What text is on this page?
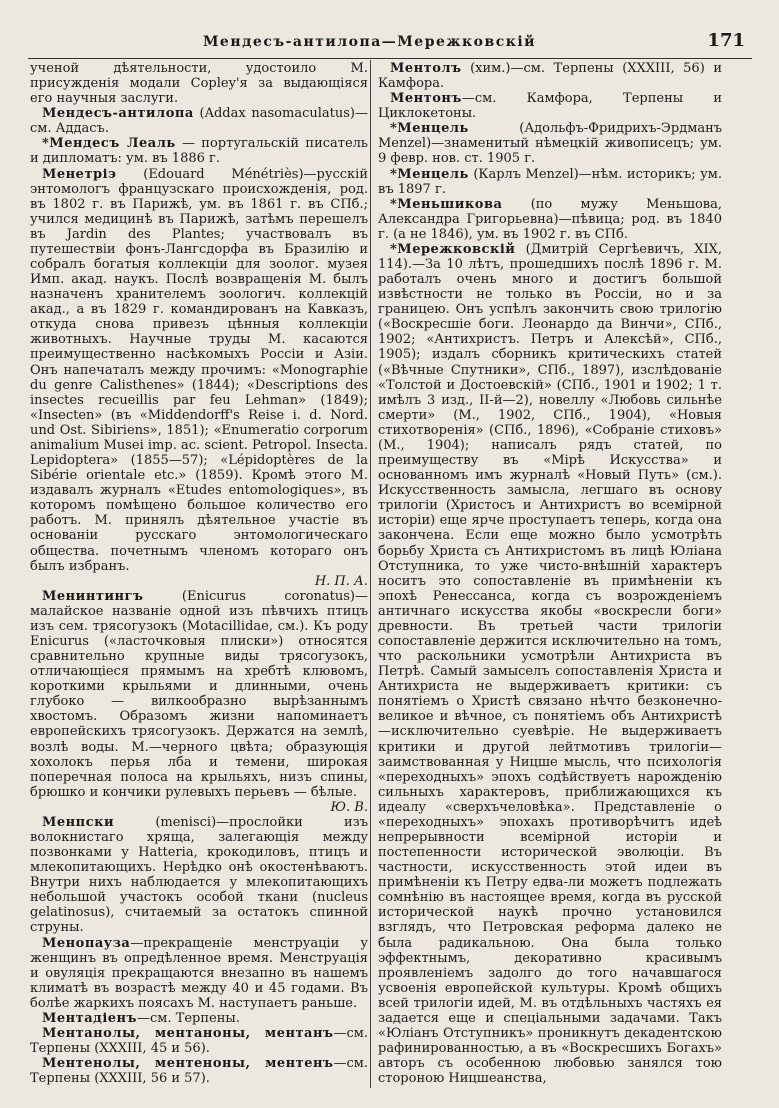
Мендесъ-антилопа—Мережковскій	171

ученой дѣятельности, удостоило М. присужденія модали Copley'я за выдающіяся его научныя заслуги.

Мендесъ-антилопа (Addax nasomaculatus)—см. Аддасъ.

*Мендесъ Леаль — португальскій писатель и дипломатъ: ум. въ 1886 г.

Менетріэ (Edouard Ménétriès)—русскій энтомологъ французскаго происхожденія, род. въ 1802 г. въ Парижѣ, ум. въ 1861 г. въ СПб.; учился медицинѣ въ Парижѣ, затѣмъ перешелъ въ Jardin des Plantes; участвовалъ въ путешествіи фонъ-Лангсдорфа въ Бразилію и собралъ богатыя коллекціи для зоолог. музея Имп. акад. наукъ. Послѣ возвращенія М. былъ назначенъ хранителемъ зоологич. коллекцій акад., а въ 1829 г. командированъ на Кавказъ, откуда снова привезъ цѣнныя коллекціи животныхъ. Научные труды М. касаются преимущественно насѣкомыхъ Россіи и Азіи. Онъ напечаталъ между прочимъ: «Monographie du genre Calisthenes» (1844); «Descriptions des insectes recueillis par feu Lehman» (1849); «Insecten» (въ «Middendorff's Reise i. d. Nord. und Ost. Sibiriens», 1851); «Enumeratio corporum animalium Musei imp. ac. scient. Petropol. Insecta. Lepidoptera» (1855—57); «Lépidoptères de la Sibérie orientale etc.» (1859). Кромѣ этого М. издавалъ журналъ «Etudes entomologiques», въ которомъ помѣщено большое количество его работъ. М. принялъ дѣятельное участіе въ основаніи русскаго энтомологическаго общества. почетнымъ членомъ котораго онъ былъ избранъ.

Н. П. А.

Менинтингъ (Enicurus coronatus)—малайское названіе одной изъ пѣвчихъ птицъ изъ сем. трясогузокъ (Motacillidae, см.). Къ роду Enicurus («ласточковыя плиски») относятся сравнительно крупные виды трясогузокъ, отличающіеся прямымъ на хребтѣ клювомъ, короткими крыльями и длинными, очень глубоко — вилкообразно вырѣзаннымъ хвостомъ. Образомъ жизни напоминаетъ европейскихъ трясогузокъ. Держатся на землѣ, возлѣ воды. М.—черного цвѣта; образующія хохолокъ перья лба и темени, широкая поперечная полоса на крыльяхъ, низъ спины, брюшко и кончики рулевыхъ перьевъ — бѣлые.

Ю. В.

Менпски (menisci)—прослойки изъ волокнистаго хряща, залегающія между позвонками у Hatteria, крокодиловъ, птицъ и млекопитающихъ. Нерѣдко онѣ окостенѣваютъ. Внутри нихъ наблюдается у млекопитающихъ небольшой участокъ особой ткани (nucleus gelatinosus), считаемый за остатокъ спинной струны.

Менопауза—прекращеніе менструаціи у женщинъ въ опредѣленное время. Менструація и овуляція прекращаются внезапно въ нашемъ климатѣ въ возрастѣ между 40 и 45 годами. Въ болѣе жаркихъ поясахъ М. наступаетъ раньше.

Ментадіенъ—см. Терпены.

Ментанолы, ментаноны, ментанъ—см. Терпены (XXXIII, 45 и 56).

Ментенолы, ментеноны, ментенъ—см. Терпены (XXXIII, 56 и 57).

Ментолъ (хим.)—см. Терпены (XXXIII, 56) и Камфора.

Ментонъ—см. Камфора, Терпены и Циклокетоны.

*Менцель (Адольфъ-Фридрихъ-Эрдманъ Menzel)—знаменитый нѣмецкій живописецъ; ум. 9 февр. нов. ст. 1905 г.

*Менцель (Карлъ Menzel)—нѣм. историкъ; ум. въ 1897 г.

*Меньшикова (по мужу Меньшова, Александра Григорьевна)—пѣвица; род. въ 1840 г. (а не 1846), ум. въ 1902 г. въ СПб.

*Мережковскій (Дмитрій Сергѣевичъ, XIX, 114).—За 10 лѣтъ, прошедшихъ послѣ 1896 г. М. работалъ очень много и достигъ большой извѣстности не только въ Россіи, но и за границею. Онъ успѣлъ закончить свою трилогію («Воскресшіе боги. Леонардо да Винчи», СПб., 1902; «Антихристъ. Петръ и Алексѣй», СПб., 1905); издалъ сборникъ критическихъ статей («Вѣчные Спутники», СПб., 1897), изслѣдованіе «Толстой и Достоевскій» (СПб., 1901 и 1902; 1 т. имѣлъ 3 изд., II-й—2), новеллу «Любовь сильнѣе смерти» (М., 1902, СПб., 1904), «Новыя стихотворенія» (СПб., 1896), «Собраніе стиховъ» (М., 1904); написалъ рядъ статей, по преимуществу въ «Мірѣ Искусства» и основанномъ имъ журналѣ «Новый Путь» (см.). Искусственность замысла, легшаго въ основу трилогіи (Христосъ и Антихристъ во всемірной исторіи) еще ярче проступаетъ теперь, когда она закончена. Если еще можно было усмотрѣть борьбу Христа съ Антихристомъ въ лицѣ Юліана Отступника, то уже чисто-внѣшній характеръ носитъ это сопоставленіе въ примѣненіи къ эпохѣ Ренессанса, когда съ возрожденіемъ античнаго искусства якобы «воскресли боги» древности. Въ третьей части трилогіи сопоставленіе держится исключительно на томъ, что раскольники усмотрѣли Антихриста въ Петрѣ. Самый замыселъ сопоставленія Христа и Антихриста не выдерживаетъ критики: съ понятіемъ о Христѣ связано нѣчто безконечно-великое и вѣчное, съ понятіемъ объ Антихристѣ—исключительно суевѣріе. Не выдерживаетъ критики и другой лейтмотивъ трилогіи—заимствованная у Ницше мысль, что психологія «переходныхъ» эпохъ содѣйствуетъ нарожденію сильныхъ характеровъ, приближающихся къ идеалу «сверхъчеловѣка». Представленіе о «переходныхъ» эпохахъ противорѣчитъ идеѣ непрерывности всемірной исторіи и постепенности исторической эволюціи. Въ частности, искусственность этой идеи въ примѣненіи къ Петру едва-ли можетъ подлежать сомнѣнію въ настоящее время, когда въ русской исторической наукѣ прочно установился взглядъ, что Петровская реформа далеко не была радикальною. Она была только эффектнымъ, декоративно красивымъ проявленіемъ задолго до того начавшагося усвоенія европейской культуры. Кромѣ общихъ всей трилогіи идей, М. въ отдѣльныхъ частяхъ ея задается еще и спеціальными задачами. Такъ «Юліанъ Отступникъ» проникнутъ декадентскою рафинированностью, а въ «Воскресшихъ Богахъ» авторъ съ особенною любовью занялся тою стороною Ницшеанства,
